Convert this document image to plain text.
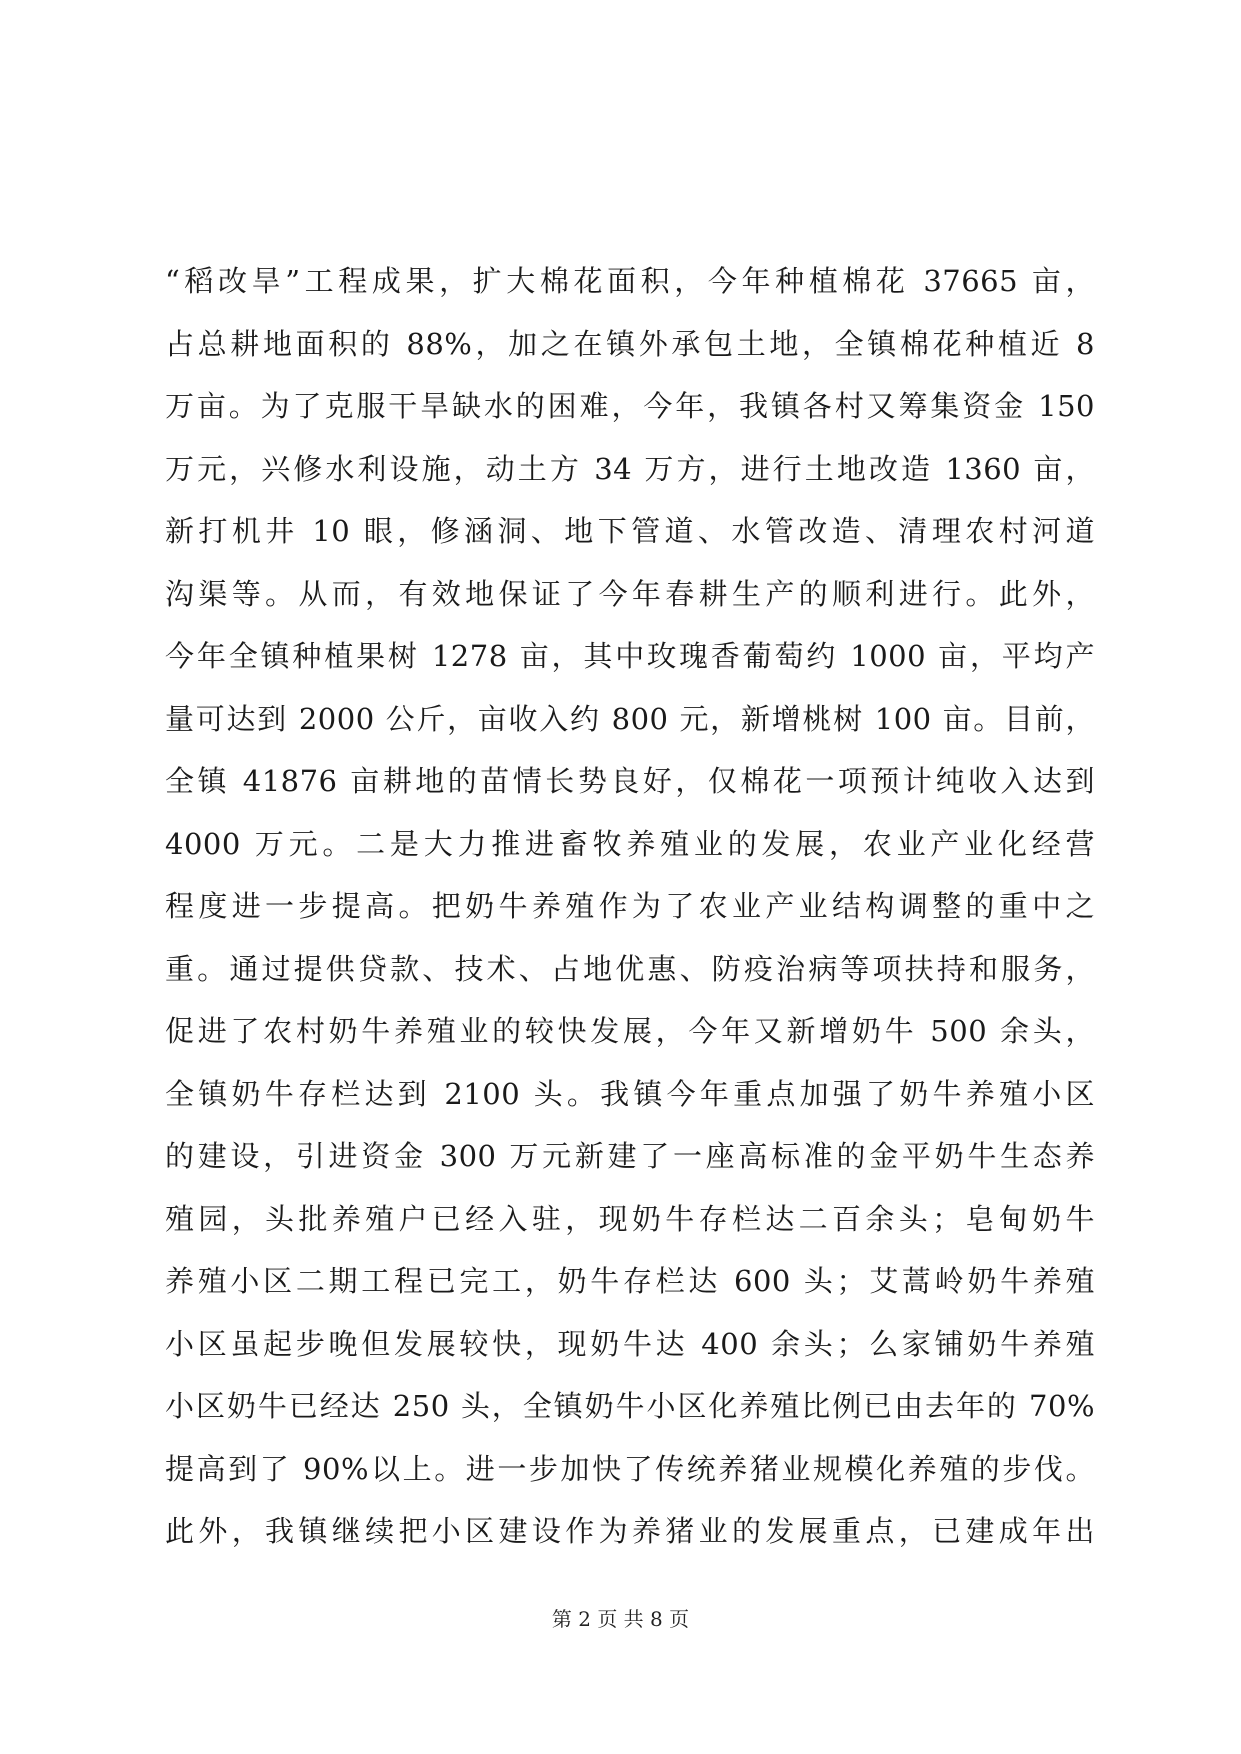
“稻改旱”工程成果，扩大棉花面积，今年种植棉花 37665 亩，
占总耕地面积的 88%，加之在镇外承包土地，全镇棉花种植近 8
万亩。为了克服干旱缺水的困难，今年，我镇各村又筹集资金 150
万元，兴修水利设施，动土方 34 万方，进行土地改造 1360 亩，
新打机井 10 眼，修涵洞、地下管道、水管改造、清理农村河道
沟渠等。从而，有效地保证了今年春耕生产的顺利进行。此外，
今年全镇种植果树 1278 亩，其中玫瑰香葡萄约 1000 亩，平均产
量可达到 2000 公斤，亩收入约 800 元，新增桃树 100 亩。目前，
全镇 41876 亩耕地的苗情长势良好，仅棉花一项预计纯收入达到
4000 万元。二是大力推进畜牧养殖业的发展，农业产业化经营
程度进一步提高。把奶牛养殖作为了农业产业结构调整的重中之
重。通过提供贷款、技术、占地优惠、防疫治病等项扶持和服务，
促进了农村奶牛养殖业的较快发展，今年又新增奶牛 500 余头，
全镇奶牛存栏达到 2100 头。我镇今年重点加强了奶牛养殖小区
的建设，引进资金 300 万元新建了一座高标准的金平奶牛生态养
殖园，头批养殖户已经入驻，现奶牛存栏达二百余头；皂甸奶牛
养殖小区二期工程已完工，奶牛存栏达 600 头；艾蒿岭奶牛养殖
小区虽起步晚但发展较快，现奶牛达 400 余头；么家铺奶牛养殖
小区奶牛已经达 250 头，全镇奶牛小区化养殖比例已由去年的 70%
提高到了 90%以上。进一步加快了传统养猪业规模化养殖的步伐。
此外，我镇继续把小区建设作为养猪业的发展重点，已建成年出
第 2 页 共 8 页
